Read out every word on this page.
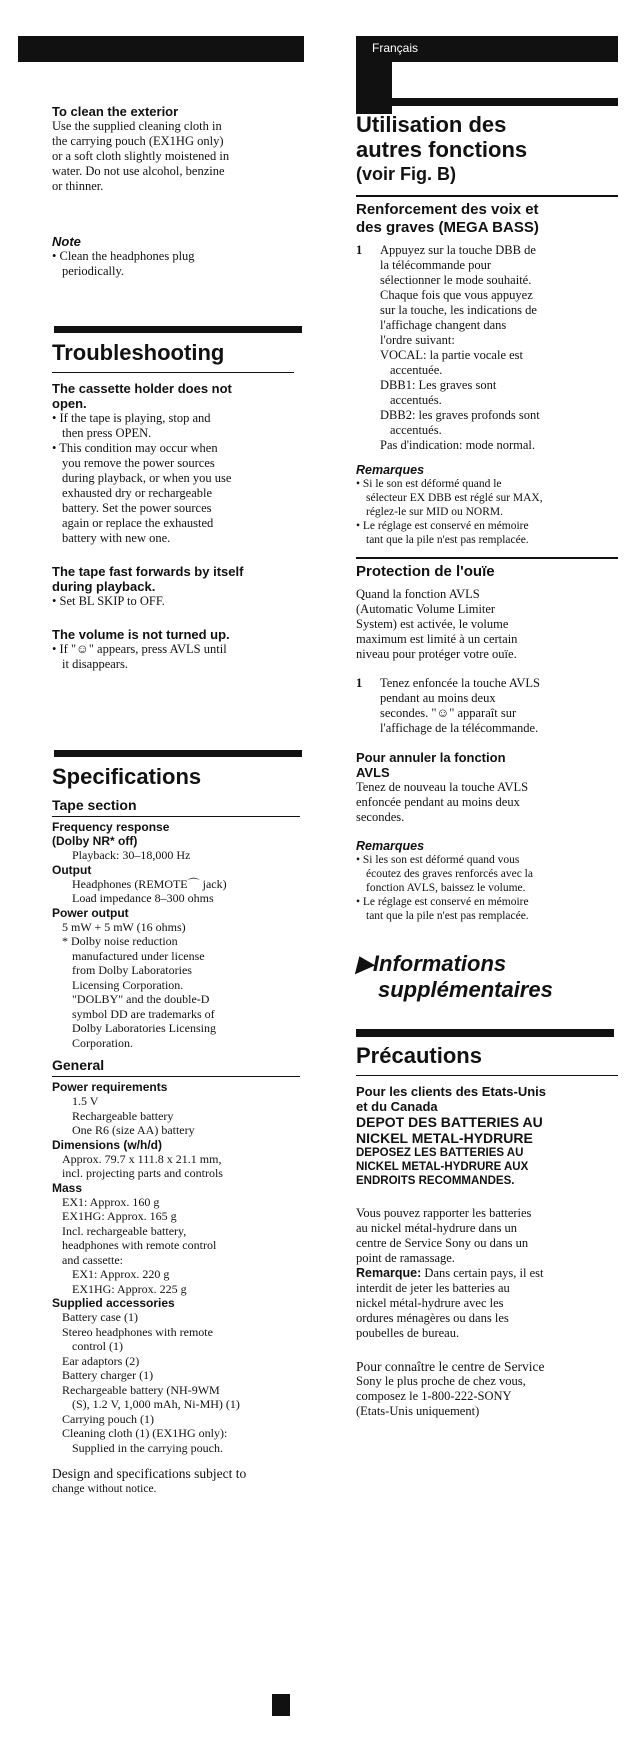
Français
To clean the exterior
Use the supplied cleaning cloth in
the carrying pouch (EX1HG only)
or a soft cloth slightly moistened in
water. Do not use alcohol, benzine
or thinner.
Note
• Clean the headphones plug
periodically.
Troubleshooting
The cassette holder does not
open.
• If the tape is playing, stop and
then press OPEN.
• This condition may occur when
you remove the power sources
during playback, or when you use
exhausted dry or rechargeable
battery. Set the power sources
again or replace the exhausted
battery with new one.
The tape fast forwards by itself
during playback.
• Set BL SKIP to OFF.
The volume is not turned up.
• If "☺" appears, press AVLS until
it disappears.
Specifications
Tape section
Frequency response
(Dolby NR* off)
Playback: 30–18,000 Hz
Output
Headphones (REMOTE⌒ jack)
Load impedance 8–300 ohms
Power output
5 mW + 5 mW (16 ohms)
* Dolby noise reduction
manufactured under license
from Dolby Laboratories
Licensing Corporation.
"DOLBY" and the double-D
symbol DD are trademarks of
Dolby Laboratories Licensing
Corporation.
General
Power requirements
1.5 V
Rechargeable battery
One R6 (size AA) battery
Dimensions (w/h/d)
Approx. 79.7 x 111.8 x 21.1 mm,
incl. projecting parts and controls
Mass
EX1: Approx. 160 g
EX1HG: Approx. 165 g
Incl. rechargeable battery,
headphones with remote control
and cassette:
EX1: Approx. 220 g
EX1HG: Approx. 225 g
Supplied accessories
Battery case (1)
Stereo headphones with remote
control (1)
Ear adaptors (2)
Battery charger (1)
Rechargeable battery (NH-9WM
(S), 1.2 V, 1,000 mAh, Ni-MH) (1)
Carrying pouch (1)
Cleaning cloth (1) (EX1HG only):
Supplied in the carrying pouch.
Design and specifications subject to
change without notice.
Utilisation des
autres fonctions
(voir Fig. B)
Renforcement des voix et
des graves (MEGA BASS)
1	Appuyez sur la touche DBB de
la télécommande pour
sélectionner le mode souhaité.
Chaque fois que vous appuyez
sur la touche, les indications de
l'affichage changent dans
l'ordre suivant:
VOCAL: la partie vocale est
accentuée.
DBB1: Les graves sont
accentués.
DBB2: les graves profonds sont
accentués.
Pas d'indication: mode normal.
Remarques
• Si le son est déformé quand le
sélecteur EX DBB est réglé sur MAX,
réglez-le sur MID ou NORM.
• Le réglage est conservé en mémoire
tant que la pile n'est pas remplacée.
Protection de l'ouïe
Quand la fonction AVLS
(Automatic Volume Limiter
System) est activée, le volume
maximum est limité à un certain
niveau pour protéger votre ouïe.
1	Tenez enfoncée la touche AVLS
pendant au moins deux
secondes. "☺" apparaît sur
l'affichage de la télécommande.
Pour annuler la fonction
AVLS
Tenez de nouveau la touche AVLS
enfoncée pendant au moins deux
secondes.
Remarques
• Si les son est déformé quand vous
écoutez des graves renforcés avec la
fonction AVLS, baissez le volume.
• Le réglage est conservé en mémoire
tant que la pile n'est pas remplacée.
▶Informations
supplémentaires
Précautions
Pour les clients des Etats-Unis
et du Canada
DEPOT DES BATTERIES AU
NICKEL METAL-HYDRURE
DEPOSEZ LES BATTERIES AU
NICKEL METAL-HYDRURE AUX
ENDROITS RECOMMANDES.
Vous pouvez rapporter les batteries
au nickel métal-hydrure dans un
centre de Service Sony ou dans un
point de ramassage.
Remarque: Dans certain pays, il est
interdit de jeter les batteries au
nickel métal-hydrure avec les
ordures ménagères ou dans les
poubelles de bureau.
Pour connaître le centre de Service
Sony le plus proche de chez vous,
composez le 1-800-222-SONY
(Etats-Unis uniquement)
